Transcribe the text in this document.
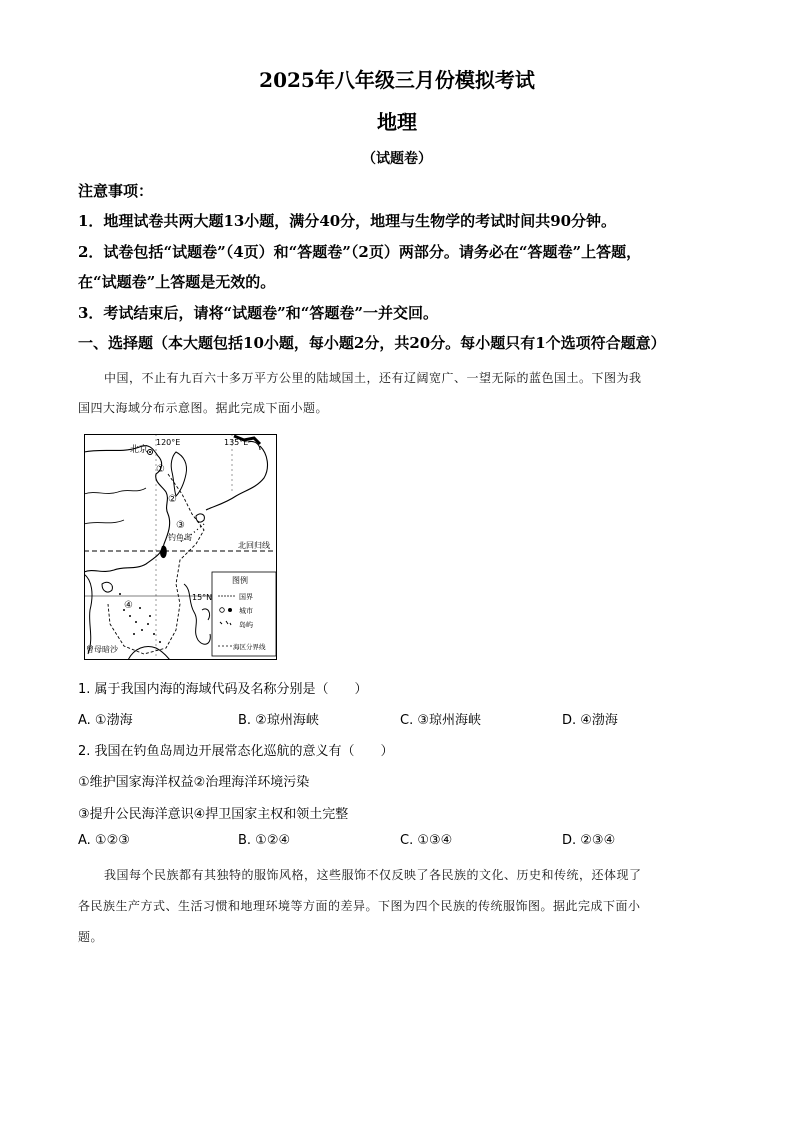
2025年八年级三月份模拟考试
地理
（试题卷）
注意事项：
1．地理试卷共两大题13小题，满分40分，地理与生物学的考试时间共90分钟。
2．试卷包括“试题卷”（4页）和“答题卷”（2页）两部分。请务必在“答题卷”上答题，
在“试题卷”上答题是无效的。
3．考试结束后，请将“试题卷”和“答题卷”一并交回。
一、选择题（本大题包括10小题，每小题2分，共20分。每小题只有1个选项符合题意）
中国，不止有九百六十多万平方公里的陆域国土，还有辽阔宽广、一望无际的蓝色国土。下图为我
国四大海域分布示意图。据此完成下面小题。
北京
120°E	135°E
①
②
③
钓鱼岛
北回归线
15°N
④
曾母暗沙
图例
国界
城市
岛屿
海区分界线
1. 属于我国内海的海域代码及名称分别是（　　）
A. ①渤海	B. ②琼州海峡	C. ③琼州海峡	D. ④渤海
2. 我国在钓鱼岛周边开展常态化巡航的意义有（　　）
①维护国家海洋权益②治理海洋环境污染
③提升公民海洋意识④捍卫国家主权和领土完整
A. ①②③	B. ①②④	C. ①③④	D. ②③④
我国每个民族都有其独特的服饰风格，这些服饰不仅反映了各民族的文化、历史和传统，还体现了
各民族生产方式、生活习惯和地理环境等方面的差异。下图为四个民族的传统服饰图。据此完成下面小
题。
